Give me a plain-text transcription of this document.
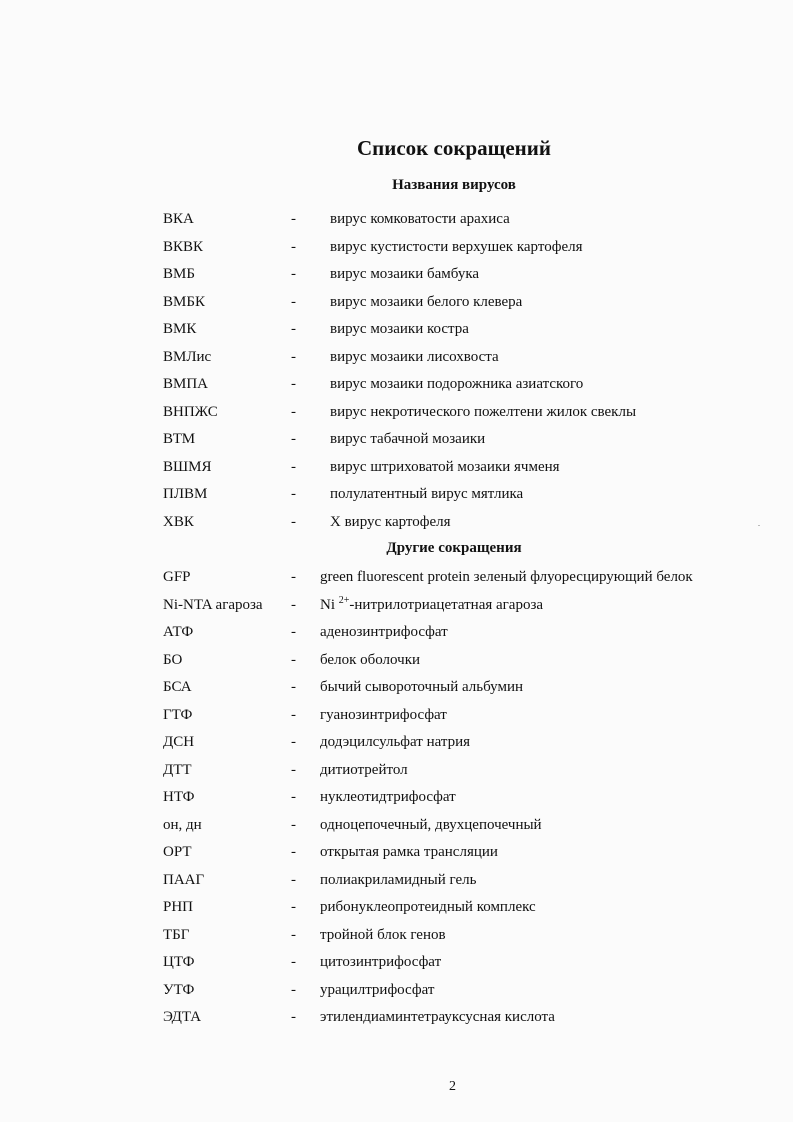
Список сокращений
Названия вирусов
ВКА	- вирус комковатости арахиса
ВКВК	- вирус кустистости верхушек картофеля
ВМБ	- вирус мозаики бамбука
ВМБК	- вирус мозаики белого клевера
ВМК	- вирус мозаики костра
ВМЛис	- вирус мозаики лисохвоста
ВМПА	- вирус мозаики подорожника азиатского
ВНПЖС	- вирус некротического пожелтени жилок свеклы
ВТМ	- вирус табачной мозаики
ВШМЯ	- вирус штриховатой мозаики ячменя
ПЛВМ	- полулатентный вирус мятлика
ХВК	- Х вирус картофеля
Другие сокращения
GFP	- green fluorescent protein зеленый флуоресцирующий белок
Ni-NTA агароза - Ni $^{2+}$-нитрилотриацетатная агароза
АТФ	- аденозинтрифосфат
БО	- белок оболочки
БСА	- бычий сывороточный альбумин
ГТФ	- гуанозинтрифосфат
ДСН	- додэцилсульфат натрия
ДТТ	- дитиотрейтол
НТФ	- нуклеотидтрифосфат
он, дн	- одноцепочечный, двухцепочечный
ОРТ	- открытая рамка трансляции
ПААГ	- полиакриламидный гель
РНП	- рибонуклеопротеидный комплекс
ТБГ	- тройной блок генов
ЦТФ	- цитозинтрифосфат
УТФ	- урацилтрифосфат
ЭДТА	- этилендиаминтетрауксусная кислота
2
